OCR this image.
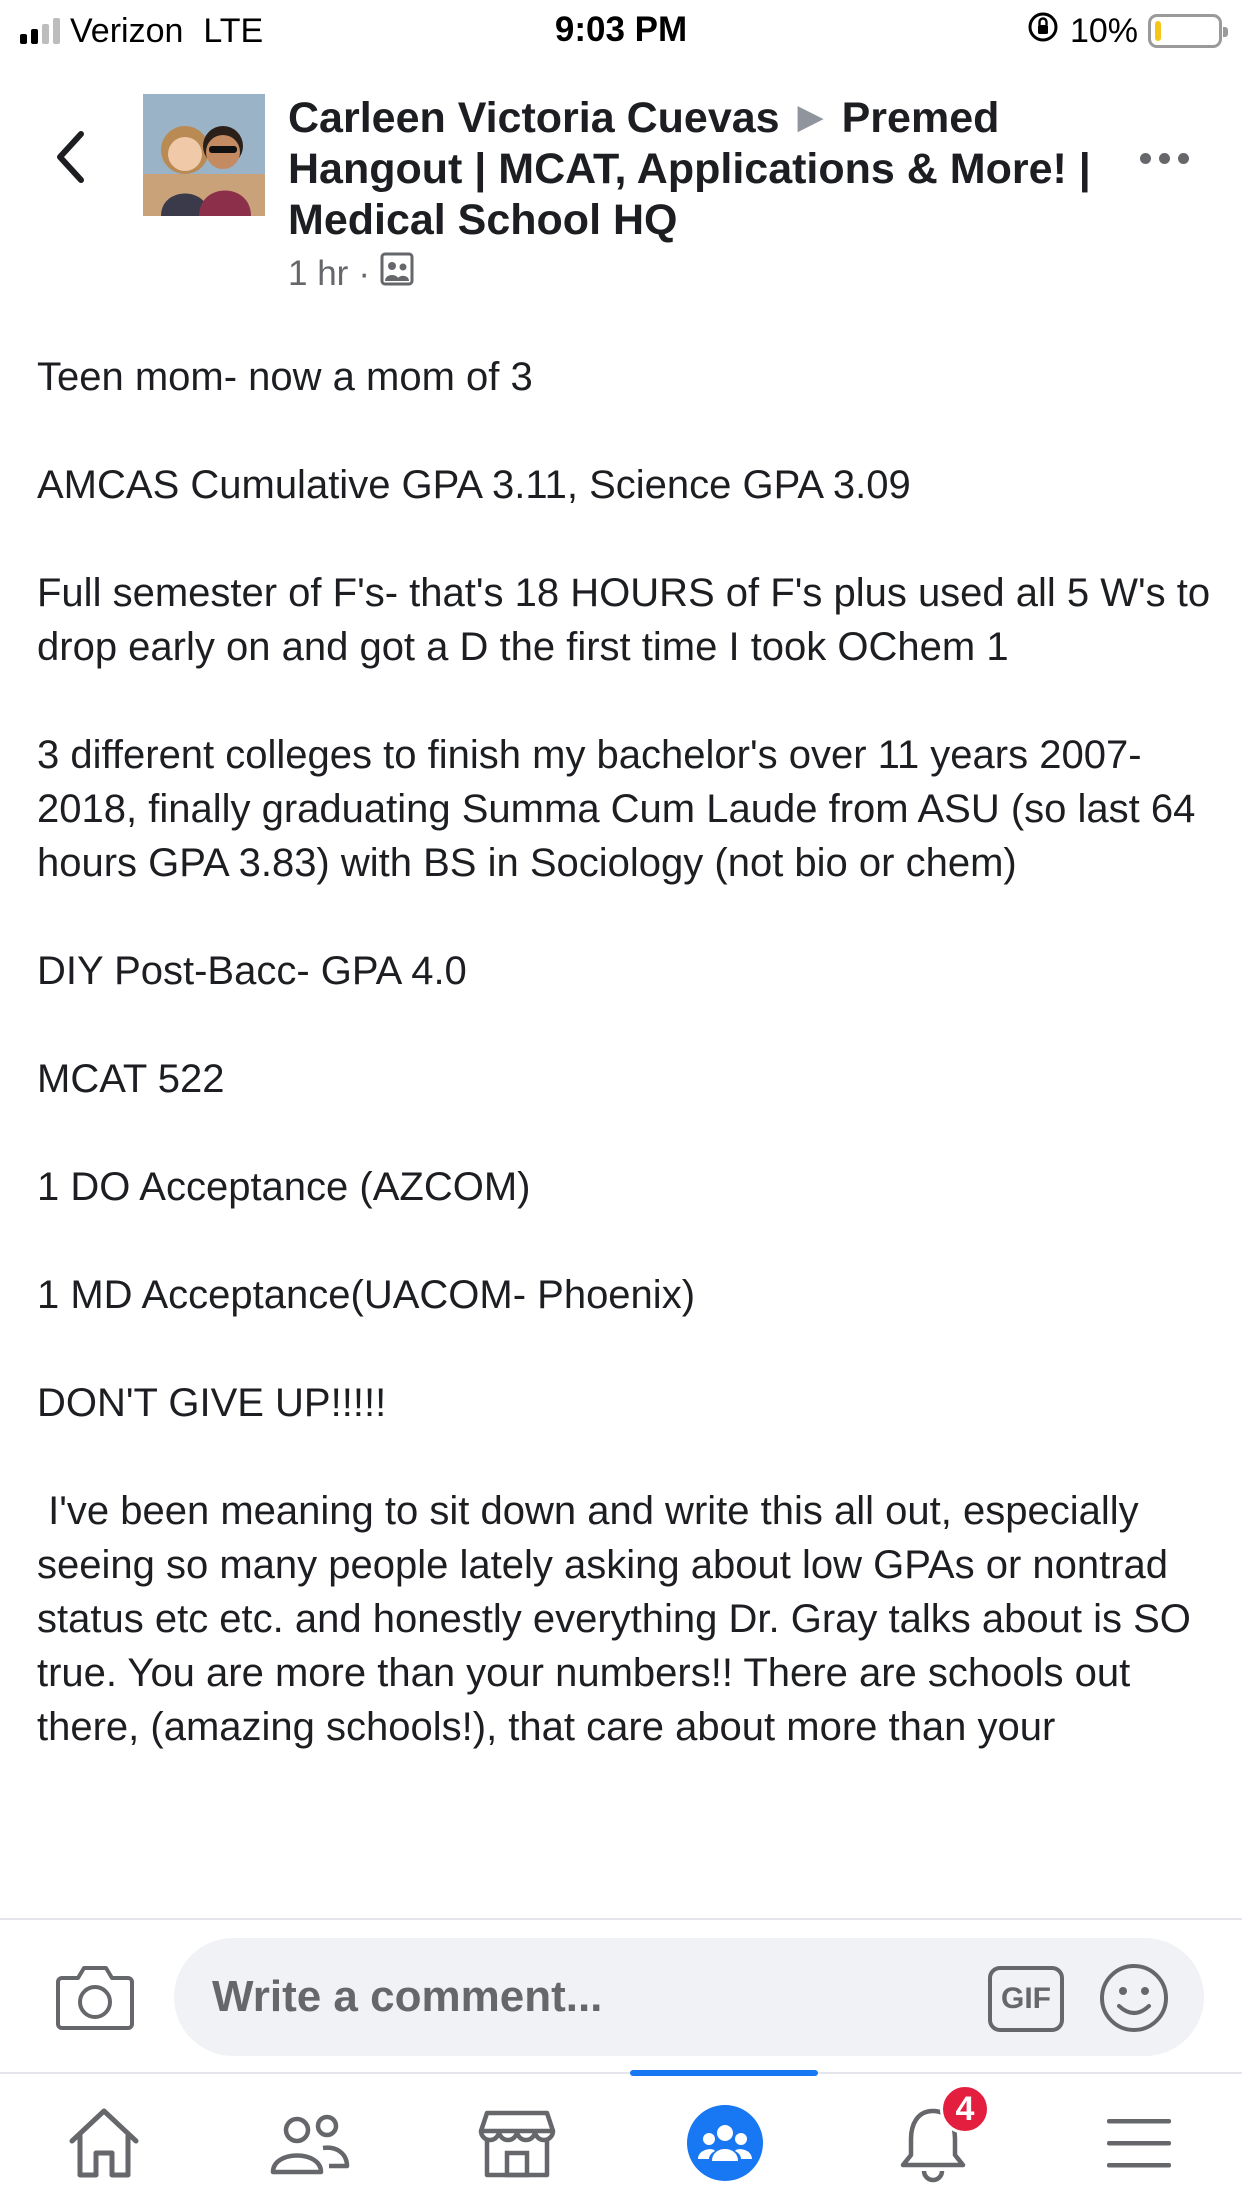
Verizon LTE	9:03 PM	10%
Carleen Victoria Cuevas ▶ Premed Hangout | MCAT, Applications & More! | Medical School HQ
1 hr ·

Teen mom- now a mom of 3

AMCAS Cumulative GPA 3.11, Science GPA 3.09

Full semester of F's- that's 18 HOURS of F's plus used all 5 W's to drop early on and got a D the first time I took OChem 1

3 different colleges to finish my bachelor's over 11 years 2007-2018, finally graduating Summa Cum Laude from ASU (so last 64 hours GPA 3.83) with BS in Sociology (not bio or chem)

DIY Post-Bacc- GPA 4.0

MCAT 522

1 DO Acceptance (AZCOM)

1 MD Acceptance(UACOM- Phoenix)

DON'T GIVE UP!!!!!

I've been meaning to sit down and write this all out, especially seeing so many people lately asking about low GPAs or nontrad status etc etc. and honestly everything Dr. Gray talks about is SO true. You are more than your numbers!! There are schools out there, (amazing schools!), that care about more than your

Write a comment...	GIF
4
